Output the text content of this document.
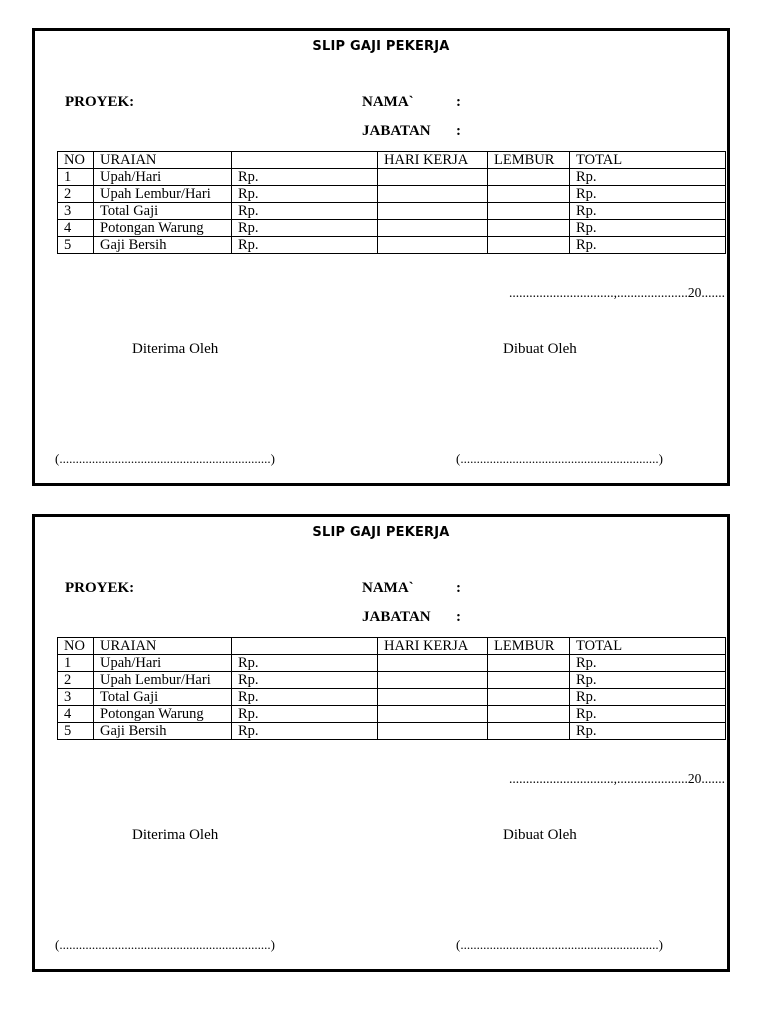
SLIP GAJI PEKERJA
PROYEK:	NAMA`	:
JABATAN :
NO	URAIAN		HARI KERJA	LEMBUR	TOTAL
1	Upah/Hari	Rp.			Rp.
2	Upah Lembur/Hari	Rp.			Rp.
3	Total Gaji	Rp.			Rp.
4	Potongan Warung	Rp.			Rp.
5	Gaji Bersih	Rp.			Rp.
...............................,.....................20.......
Diterima Oleh	Dibuat Oleh
(.................................................................)	(.............................................................)
SLIP GAJI PEKERJA
PROYEK:	NAMA`	:
JABATAN :
NO	URAIAN		HARI KERJA	LEMBUR	TOTAL
1	Upah/Hari	Rp.			Rp.
2	Upah Lembur/Hari	Rp.			Rp.
3	Total Gaji	Rp.			Rp.
4	Potongan Warung	Rp.			Rp.
5	Gaji Bersih	Rp.			Rp.
...............................,.....................20.......
Diterima Oleh	Dibuat Oleh
(.................................................................)	(.............................................................)
